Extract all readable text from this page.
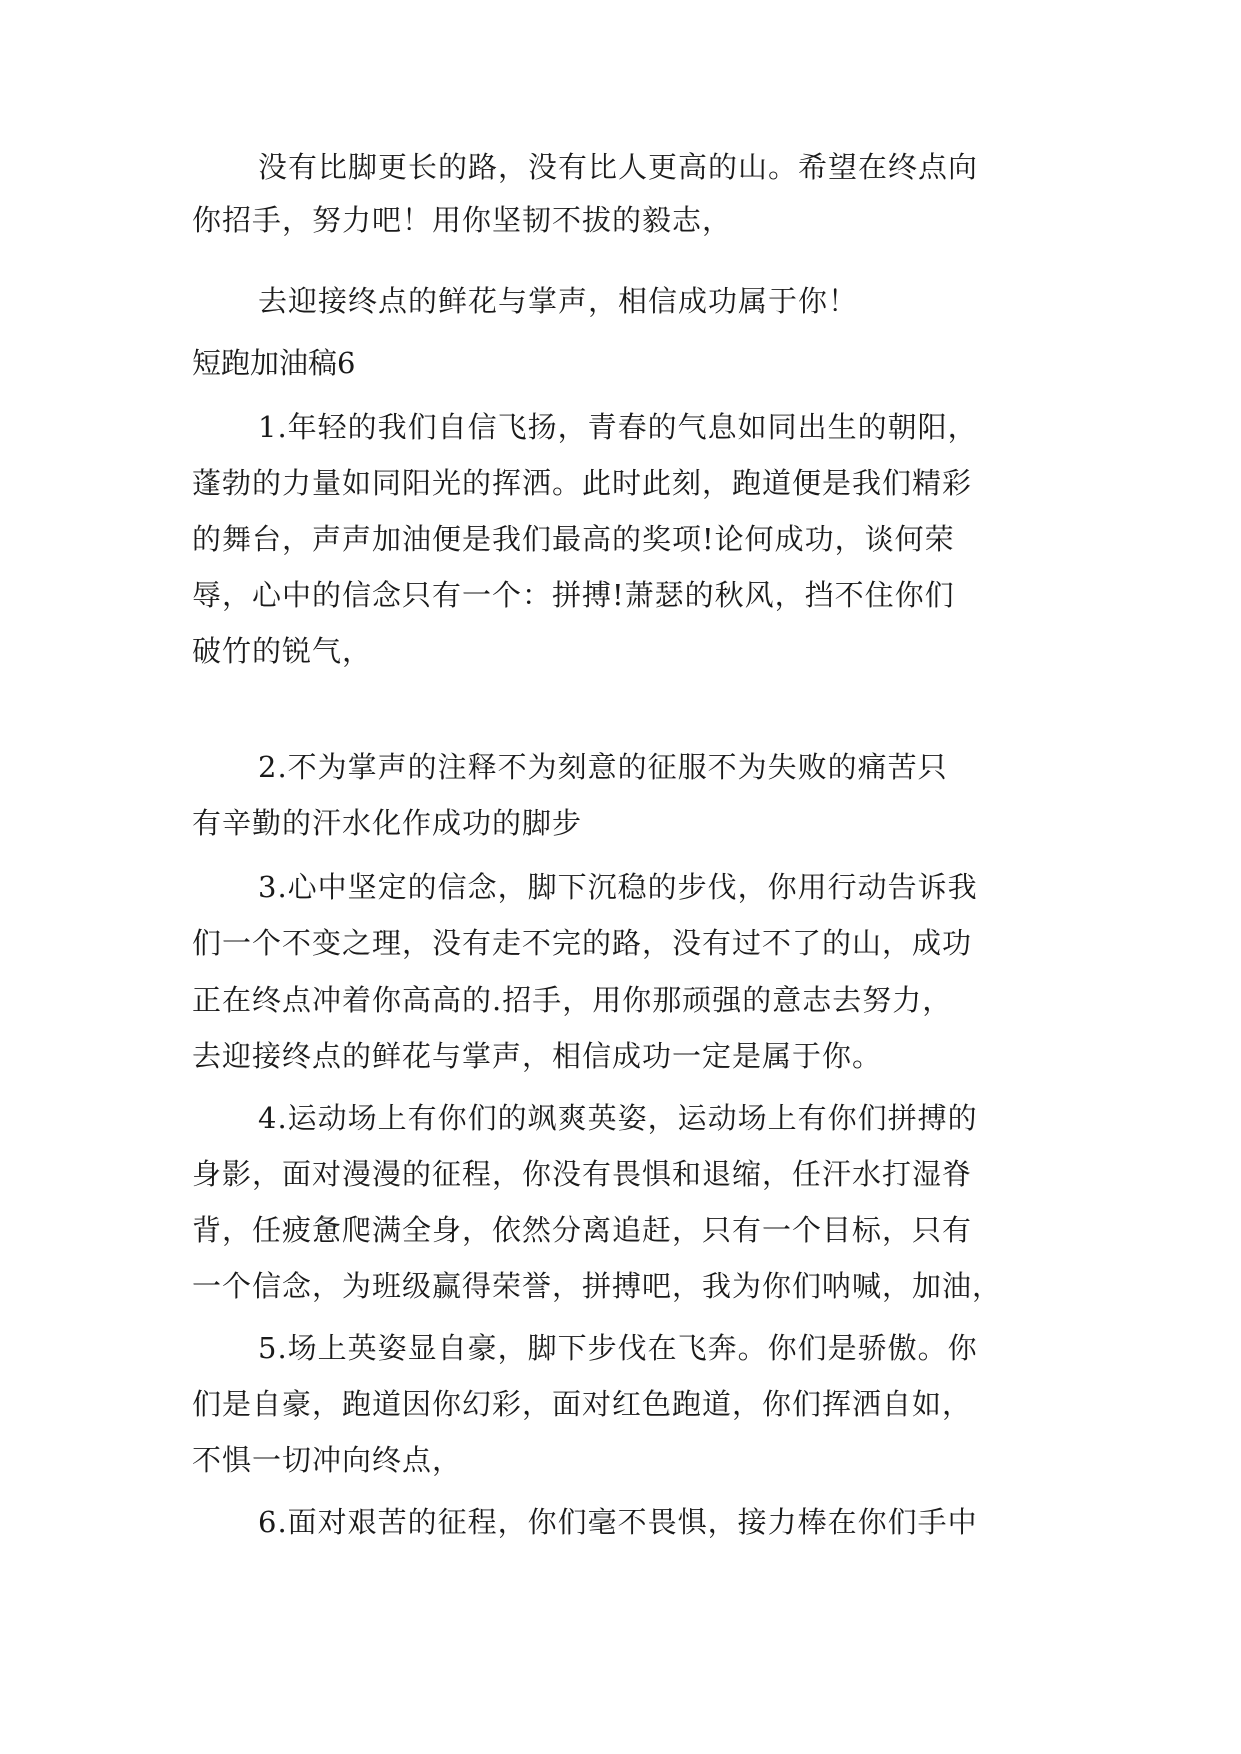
没有比脚更长的路，没有比人更高的山。希望在终点向
你招手，努力吧！用你坚韧不拔的毅志，
去迎接终点的鲜花与掌声，相信成功属于你！
短跑加油稿6
1.年轻的我们自信飞扬，青春的气息如同出生的朝阳，
蓬勃的力量如同阳光的挥洒。此时此刻，跑道便是我们精彩
的舞台，声声加油便是我们最高的奖项!论何成功，谈何荣
辱，心中的信念只有一个：拼搏!萧瑟的秋风，挡不住你们
破竹的锐气，
2.不为掌声的注释不为刻意的征服不为失败的痛苦只
有辛勤的汗水化作成功的脚步
3.心中坚定的信念，脚下沉稳的步伐，你用行动告诉我
们一个不变之理，没有走不完的路，没有过不了的山，成功
正在终点冲着你高高的.招手，用你那顽强的意志去努力，
去迎接终点的鲜花与掌声，相信成功一定是属于你。
4.运动场上有你们的飒爽英姿，运动场上有你们拼搏的
身影，面对漫漫的征程，你没有畏惧和退缩，任汗水打湿脊
背，任疲惫爬满全身，依然分离追赶，只有一个目标，只有
一个信念，为班级赢得荣誉，拼搏吧，我为你们呐喊，加油，
5.场上英姿显自豪，脚下步伐在飞奔。你们是骄傲。你
们是自豪，跑道因你幻彩，面对红色跑道，你们挥洒自如，
不惧一切冲向终点，
6.面对艰苦的征程，你们毫不畏惧，接力棒在你们手中
